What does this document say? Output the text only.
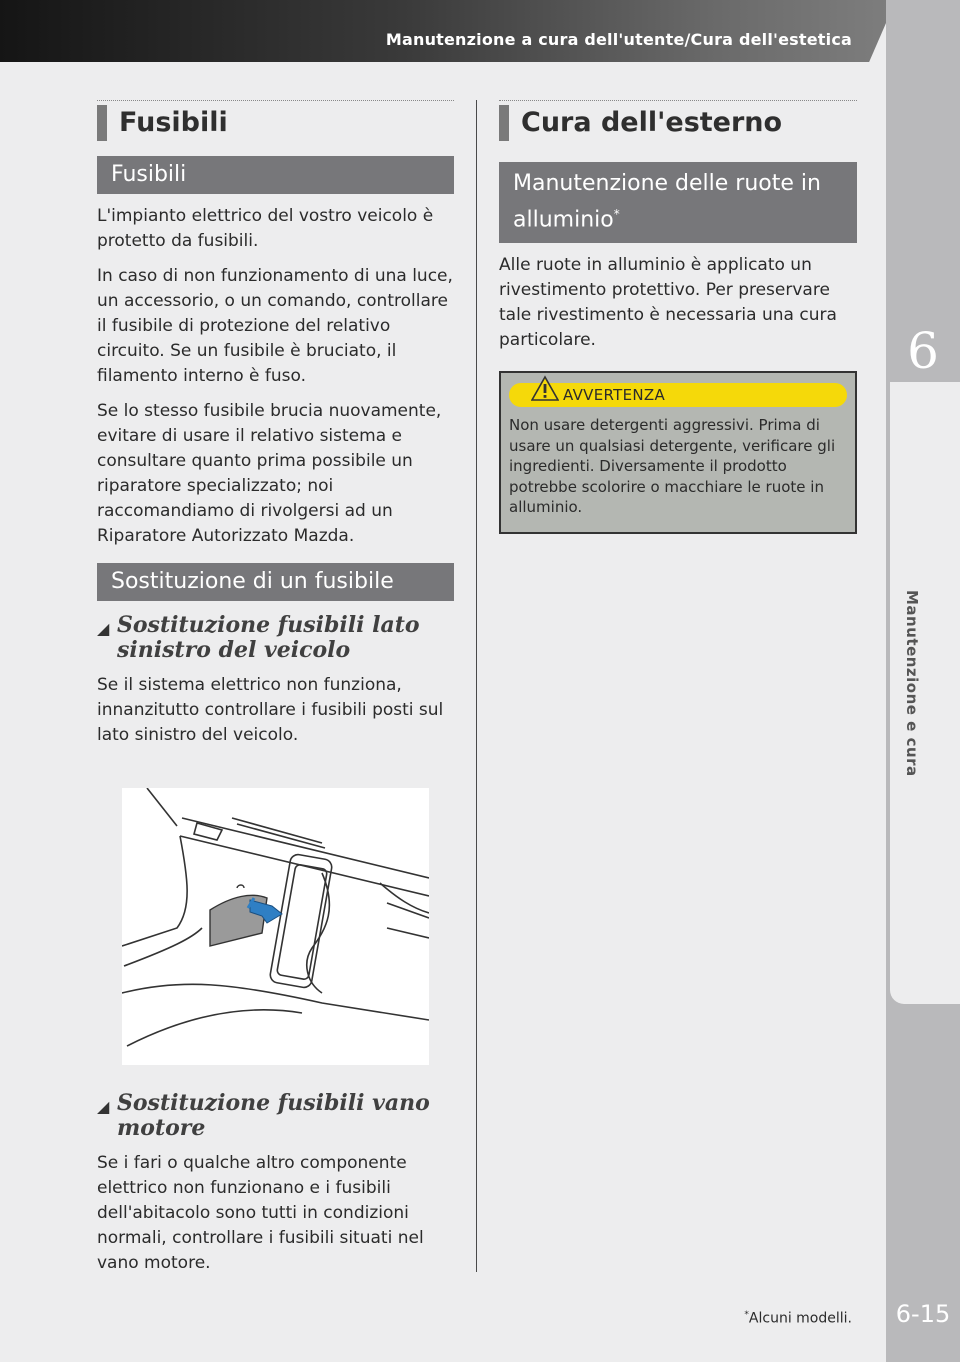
Manutenzione a cura dell'utente/Cura dell'estetica
6
Manutenzione e cura
6-15
*Alcuni modelli.
Fusibili
Fusibili

L'impianto elettrico del vostro veicolo è protetto da fusibili.

In caso di non funzionamento di una luce, un accessorio, o un comando, controllare il fusibile di protezione del relativo circuito. Se un fusibile è bruciato, il filamento interno è fuso.

Se lo stesso fusibile brucia nuovamente, evitare di usare il relativo sistema e consultare quanto prima possibile un riparatore specializzato; noi raccomandiamo di rivolgersi ad un Riparatore Autorizzato Mazda.

Sostituzione di un fusibile
◢ Sostituzione fusibili lato sinistro del veicolo

Se il sistema elettrico non funziona, innanzitutto controllare i fusibili posti sul lato sinistro del veicolo.

◢ Sostituzione fusibili vano motore

Se i fari o qualche altro componente elettrico non funzionano e i fusibili dell'abitacolo sono tutti in condizioni normali, controllare i fusibili situati nel vano motore.

Cura dell'esterno
Manutenzione delle ruote in alluminio*

Alle ruote in alluminio è applicato un rivestimento protettivo. Per preservare tale rivestimento è necessaria una cura particolare.

AVVERTENZA

Non usare detergenti aggressivi. Prima di usare un qualsiasi detergente, verificare gli ingredienti. Diversamente il prodotto potrebbe scolorire o macchiare le ruote in alluminio.
